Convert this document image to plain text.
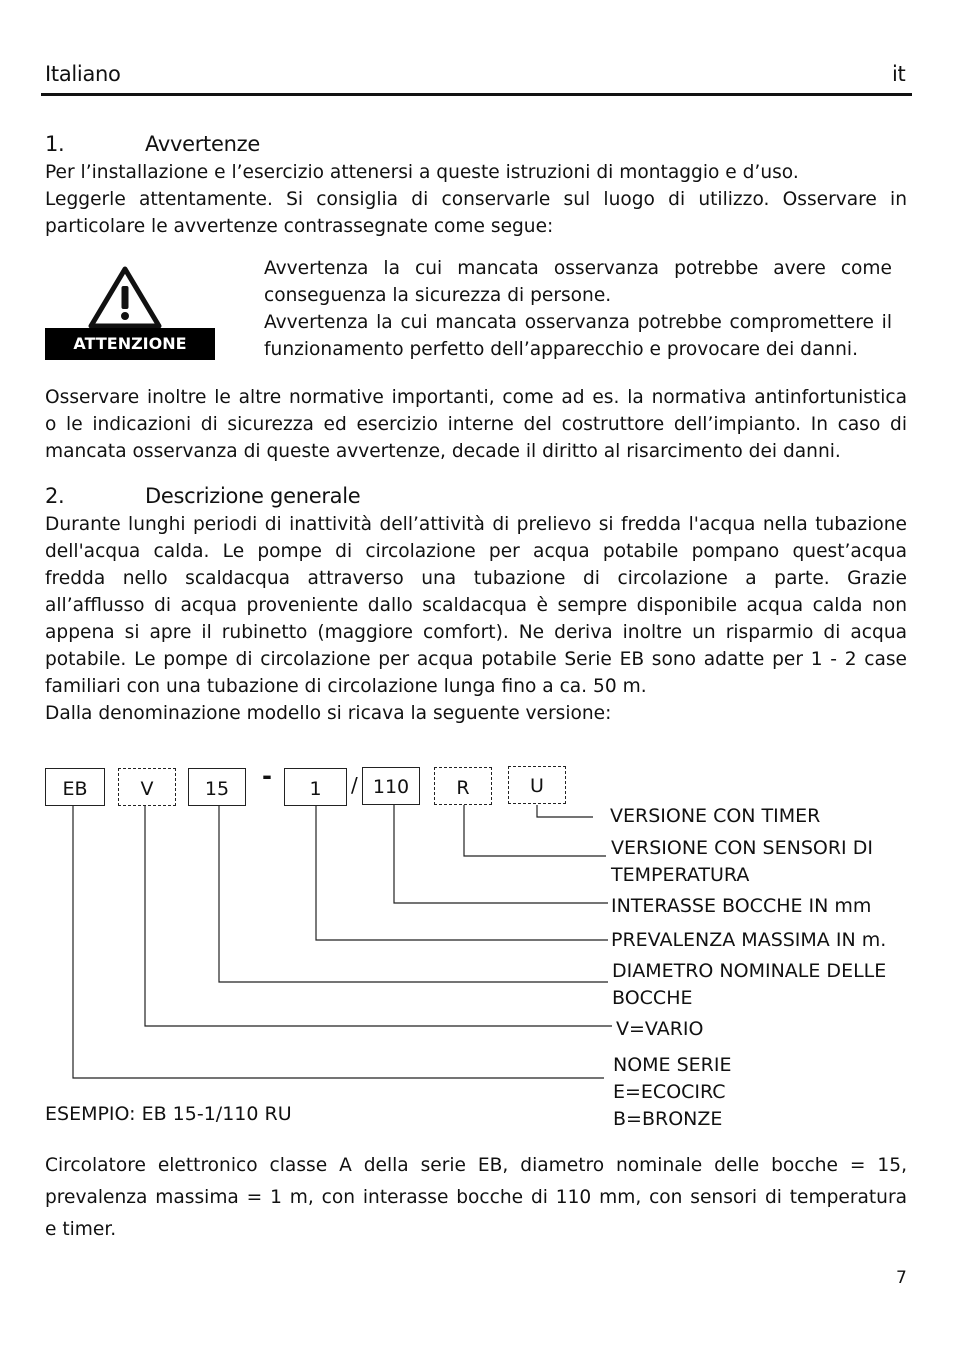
Italiano	it
1.	Avvertenze

Per l’installazione e l’esercizio attenersi a queste istruzioni di montaggio e d’uso.

Leggerle attentamente. Si consiglia di conservarle sul luogo di utilizzo. Osservare in

particolare le avvertenze contrassegnate come segue:

ATTENZIONE

Avvertenza la cui mancata osservanza potrebbe avere come

conseguenza la sicurezza di persone.

Avvertenza la cui mancata osservanza potrebbe compromettere il

funzionamento perfetto dell’apparecchio e provocare dei danni.

Osservare inoltre le altre normative importanti, come ad es. la normativa antinfortunistica

o le indicazioni di sicurezza ed esercizio interne del costruttore dell’impianto. In caso di

mancata osservanza di queste avvertenze, decade il diritto al risarcimento dei danni.

2.	Descrizione generale

Durante lunghi periodi di inattività dell’attività di prelievo si fredda l'acqua nella tubazione

dell'acqua calda. Le pompe di circolazione per acqua potabile pompano quest’acqua

fredda nello scaldacqua attraverso una tubazione di circolazione a parte. Grazie

all’afflusso di acqua proveniente dallo scaldacqua è sempre disponibile acqua calda non

appena si apre il rubinetto (maggiore comfort). Ne deriva inoltre un risparmio di acqua

potabile. Le pompe di circolazione per acqua potabile Serie EB sono adatte per 1 - 2 case

familiari con una tubazione di circolazione lunga fino a ca. 50 m.

Dalla denominazione modello si ricava la seguente versione:

EB	V	15	-	1	/ 110	R	U
VERSIONE CON TIMER
VERSIONE CON SENSORI DI
TEMPERATURA
INTERASSE BOCCHE IN mm
PREVALENZA MASSIMA IN m.
DIAMETRO NOMINALE DELLE
BOCCHE
V=VARIO
NOME SERIE
E=ECOCIRC
B=BRONZE
ESEMPIO: EB 15-1/110 RU

Circolatore elettronico classe A della serie EB, diametro nominale delle bocche = 15,

prevalenza massima = 1 m, con interasse bocche di 110 mm, con sensori di temperatura

e timer.

7
